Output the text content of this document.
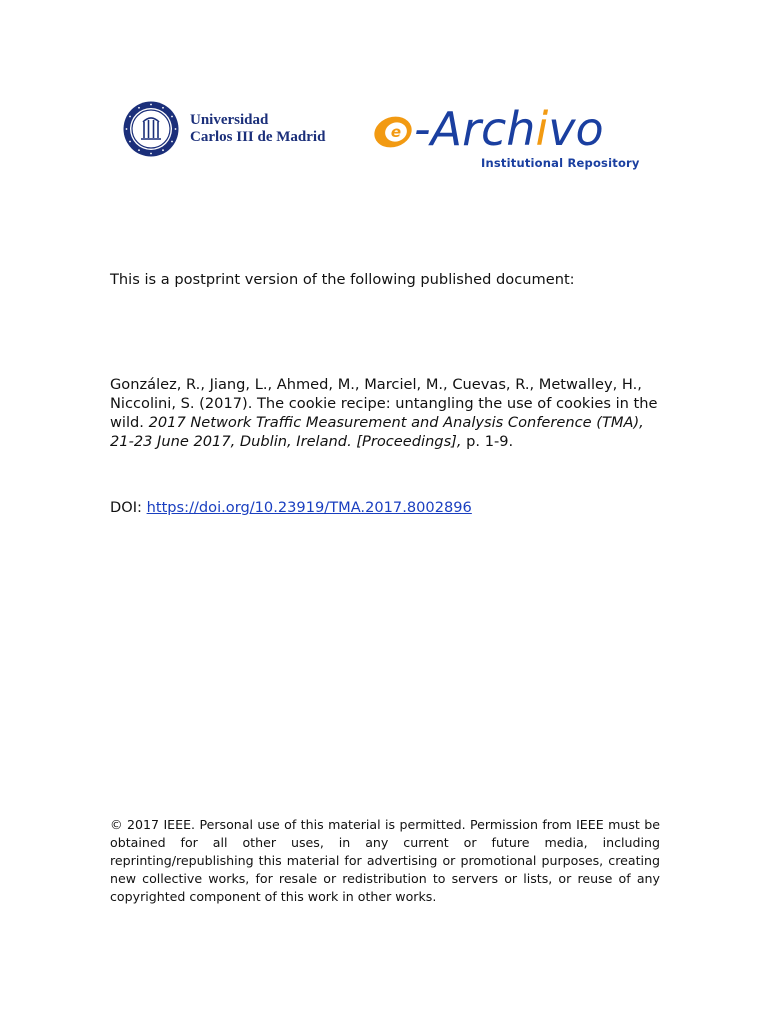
Universidad
Carlos III de Madrid	e -Archivo
Institutional Repository
This is a postprint version of the following published document:
González, R., Jiang, L., Ahmed, M., Marciel, M., Cuevas, R., Metwalley, H., Niccolini, S. (2017). The cookie recipe: untangling the use of cookies in the wild. 2017 Network Traffic Measurement and Analysis Conference (TMA), 21-23 June 2017, Dublin, Ireland. [Proceedings], p. 1-9.
DOI: https://doi.org/10.23919/TMA.2017.8002896
© 2017 IEEE. Personal use of this material is permitted. Permission from IEEE must be obtained for all other uses, in any current or future media, including reprinting/republishing this material for advertising or promotional purposes, creating new collective works, for resale or redistribution to servers or lists, or reuse of any copyrighted component of this work in other works.
